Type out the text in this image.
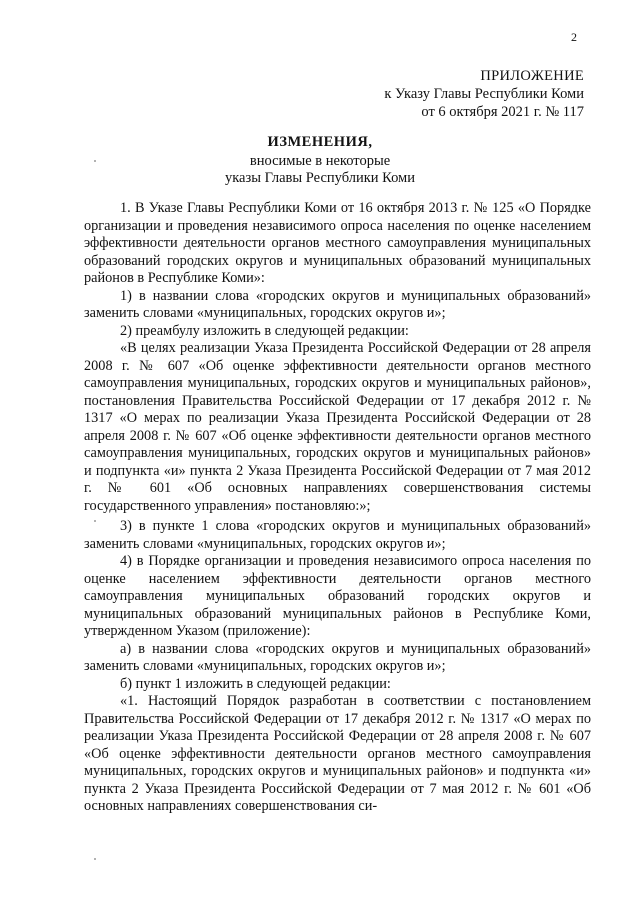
2
ПРИЛОЖЕНИЕ
к Указу Главы Республики Коми
от 6 октября 2021 г. № 117
ИЗМЕНЕНИЯ,
вносимые в некоторые
указы Главы Республики Коми

1. В Указе Главы Республики Коми от 16 октября 2013 г. № 125 «О Порядке организации и проведения независимого опроса населения по оценке населением эффективности деятельности органов местного самоуправления муниципальных образований городских округов и муниципальных образований муниципальных районов в Республике Коми»:

1) в названии слова «городских округов и муниципальных образований» заменить словами «муниципальных, городских округов и»;

2) преамбулу изложить в следующей редакции:

«В целях реализации Указа Президента Российской Федерации от 28 апреля 2008 г. № 607 «Об оценке эффективности деятельности органов местного самоуправления муниципальных, городских округов и муниципальных районов», постановления Правительства Российской Федерации от 17 декабря 2012 г. № 1317 «О мерах по реализации Указа Президента Российской Федерации от 28 апреля 2008 г. № 607 «Об оценке эффективности деятельности органов местного самоуправления муниципальных, городских округов и муниципальных районов» и подпункта «и» пункта 2 Указа Президента Российской Федерации от 7 мая 2012 г. № 601 «Об основных направлениях совершенствования системы государственного управления» постановляю:»;

3) в пункте 1 слова «городских округов и муниципальных образований» заменить словами «муниципальных, городских округов и»;

4) в Порядке организации и проведения независимого опроса населения по оценке населением эффективности деятельности органов местного самоуправления муниципальных образований городских округов и муниципальных образований муниципальных районов в Республике Коми, утвержденном Указом (приложение):

а) в названии слова «городских округов и муниципальных образований» заменить словами «муниципальных, городских округов и»;

б) пункт 1 изложить в следующей редакции:

«1. Настоящий Порядок разработан в соответствии с постановлением Правительства Российской Федерации от 17 декабря 2012 г. № 1317 «О мерах по реализации Указа Президента Российской Федерации от 28 апреля 2008 г. № 607 «Об оценке эффективности деятельности органов местного самоуправления муниципальных, городских округов и муниципальных районов» и подпункта «и» пункта 2 Указа Президента Российской Федерации от 7 мая 2012 г. № 601 «Об основных направлениях совершенствования си-
